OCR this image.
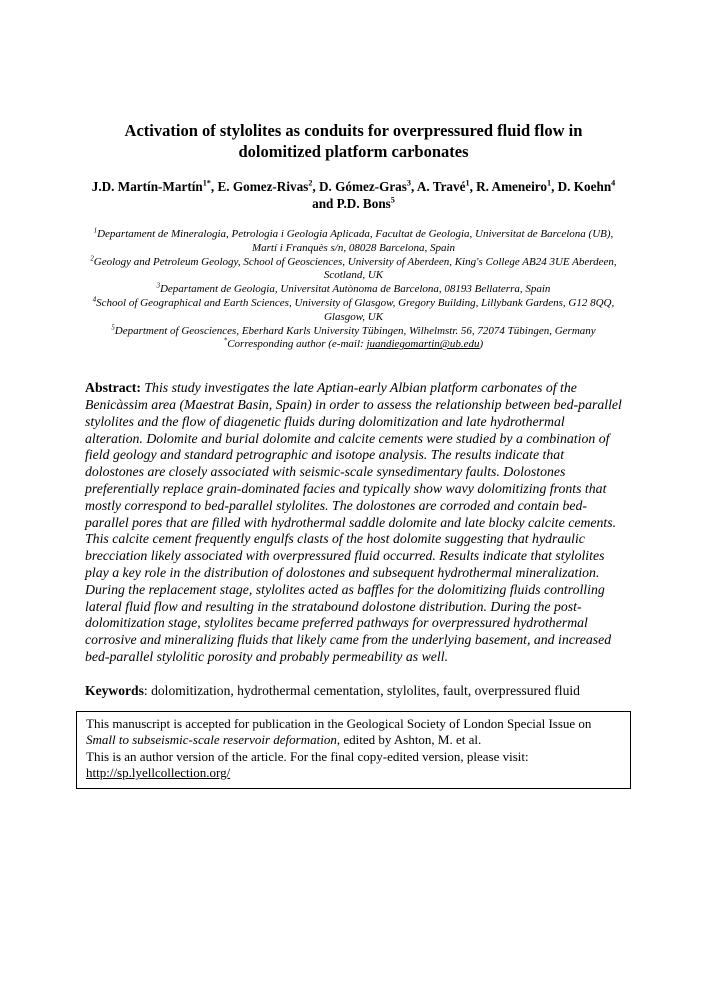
Activation of stylolites as conduits for overpressured fluid flow in dolomitized platform carbonates

J.D. Martín-Martín$^{1*}$, E. Gomez-Rivas$^2$, D. Gómez-Gras$^3$, A. Travé$^1$, R. Ameneiro$^1$, D. Koehn$^4$ and P.D. Bons$^5$

$^1$Departament de Mineralogia, Petrologia i Geologia Aplicada, Facultat de Geologia, Universitat de Barcelona (UB), Martí i Franquès s/n, 08028 Barcelona, Spain
$^2$Geology and Petroleum Geology, School of Geosciences, University of Aberdeen, King's College AB24 3UE Aberdeen, Scotland, UK
$^3$Departament de Geologia, Universitat Autònoma de Barcelona, 08193 Bellaterra, Spain
$^4$School of Geographical and Earth Sciences, University of Glasgow, Gregory Building, Lillybank Gardens, G12 8QQ, Glasgow, UK
$^5$Department of Geosciences, Eberhard Karls University Tübingen, Wilhelmstr. 56, 72074 Tübingen, Germany
*Corresponding author (e-mail: juandiegomartin@ub.edu)

Abstract: This study investigates the late Aptian-early Albian platform carbonates of the Benicàssim area (Maestrat Basin, Spain) in order to assess the relationship between bed-parallel stylolites and the flow of diagenetic fluids during dolomitization and late hydrothermal alteration. Dolomite and burial dolomite and calcite cements were studied by a combination of field geology and standard petrographic and isotope analysis. The results indicate that dolostones are closely associated with seismic-scale synsedimentary faults. Dolostones preferentially replace grain-dominated facies and typically show wavy dolomitizing fronts that mostly correspond to bed-parallel stylolites. The dolostones are corroded and contain bed-parallel pores that are filled with hydrothermal saddle dolomite and late blocky calcite cements. This calcite cement frequently engulfs clasts of the host dolomite suggesting that hydraulic brecciation likely associated with overpressured fluid occurred. Results indicate that stylolites play a key role in the distribution of dolostones and subsequent hydrothermal mineralization. During the replacement stage, stylolites acted as baffles for the dolomitizing fluids controlling lateral fluid flow and resulting in the stratabound dolostone distribution. During the post-dolomitization stage, stylolites became preferred pathways for overpressured hydrothermal corrosive and mineralizing fluids that likely came from the underlying basement, and increased bed-parallel stylolitic porosity and probably permeability as well.

Keywords: dolomitization, hydrothermal cementation, stylolites, fault, overpressured fluid

This manuscript is accepted for publication in the Geological Society of London Special Issue on Small to subseismic-scale reservoir deformation, edited by Ashton, M. et al.

This is an author version of the article. For the final copy-edited version, please visit: http://sp.lyellcollection.org/
